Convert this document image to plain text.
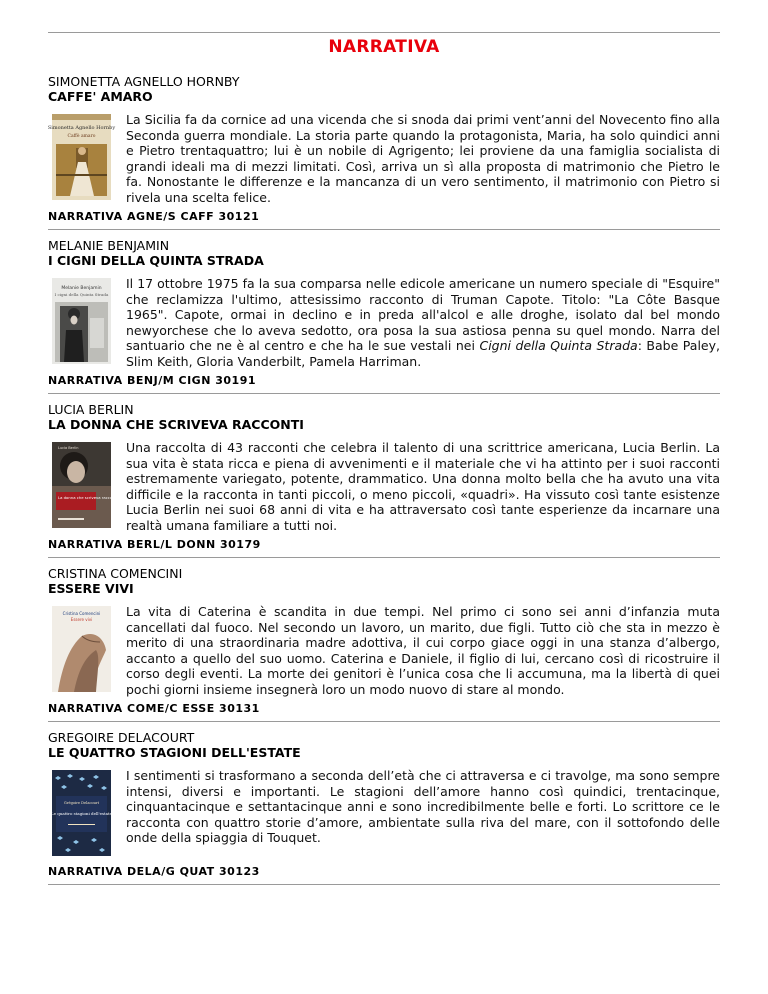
NARRATIVA
SIMONETTA AGNELLO HORNBY
CAFFE' AMARO
Simonetta Agnello Hornby
Caffè amaro
La Sicilia fa da cornice ad una vicenda che si snoda dai primi vent’anni del Novecento fino alla Seconda guerra mondiale. La storia parte quando la protagonista, Maria, ha solo quindici anni e Pietro trentaquattro; lui è un nobile di Agrigento; lei proviene da una famiglia socialista di grandi ideali ma di mezzi limitati. Così, arriva un sì alla proposta di matrimonio che Pietro le fa. Nonostante le differenze e la mancanza di un vero sentimento, il matrimonio con Pietro si rivela una scelta felice.
NARRATIVA AGNE/S CAFF 30121
MELANIE BENJAMIN
I CIGNI DELLA QUINTA STRADA
Melanie Benjamin
I cigni della Quinta Strada
Il 17 ottobre 1975 fa la sua comparsa nelle edicole americane un numero speciale di "Esquire" che reclamizza l'ultimo, attesissimo racconto di Truman Capote. Titolo: "La Côte Basque 1965". Capote, ormai in declino e in preda all'alcol e alle droghe, isolato dal bel mondo newyorchese che lo aveva sedotto, ora posa la sua astiosa penna su quel mondo. Narra del santuario che ne è al centro e che ha le sue vestali nei Cigni della Quinta Strada: Babe Paley, Slim Keith, Gloria Vanderbilt, Pamela Harriman.
NARRATIVA BENJ/M CIGN 30191
LUCIA BERLIN
LA DONNA CHE SCRIVEVA RACCONTI
Lucia Berlin
La donna che scriveva racconti
Una raccolta di 43 racconti che celebra il talento di una scrittrice americana, Lucia Berlin. La sua vita è stata ricca e piena di avvenimenti e il materiale che vi ha attinto per i suoi racconti estremamente variegato, potente, drammatico. Una donna molto bella che ha avuto una vita difficile e la racconta in tanti piccoli, o meno piccoli, «quadri». Ha vissuto così tante esistenze Lucia Berlin nei suoi 68 anni di vita e ha attraversato così tante esperienze da incarnare una realtà umana familiare a tutti noi.
NARRATIVA BERL/L DONN 30179
CRISTINA COMENCINI
ESSERE VIVI
Cristina Comencini
Essere vivi
La vita di Caterina è scandita in due tempi. Nel primo ci sono sei anni d’infanzia muta cancellati dal fuoco. Nel secondo un lavoro, un marito, due figli. Tutto ciò che sta in mezzo è merito di una straordinaria madre adottiva, il cui corpo giace oggi in una stanza d’albergo, accanto a quello del suo uomo. Caterina e Daniele, il figlio di lui, cercano così di ricostruire il corso degli eventi. La morte dei genitori è l’unica cosa che li accumuna, ma la libertà di quei pochi giorni insieme insegnerà loro un modo nuovo di stare al mondo.
NARRATIVA COME/C ESSE 30131
GREGOIRE DELACOURT
LE QUATTRO STAGIONI DELL'ESTATE
Grégoire Delacourt
Le quattro stagioni dell'estate
I sentimenti si trasformano a seconda dell’età che ci attraversa e ci travolge, ma sono sempre intensi, diversi e importanti. Le stagioni dell’amore hanno così quindici, trentacinque, cinquantacinque e settantacinque anni e sono incredibilmente belle e forti. Lo scrittore ce le racconta con quattro storie d’amore, ambientate sulla riva del mare, con il sottofondo delle onde della spiaggia di Touquet.
NARRATIVA DELA/G QUAT 30123
